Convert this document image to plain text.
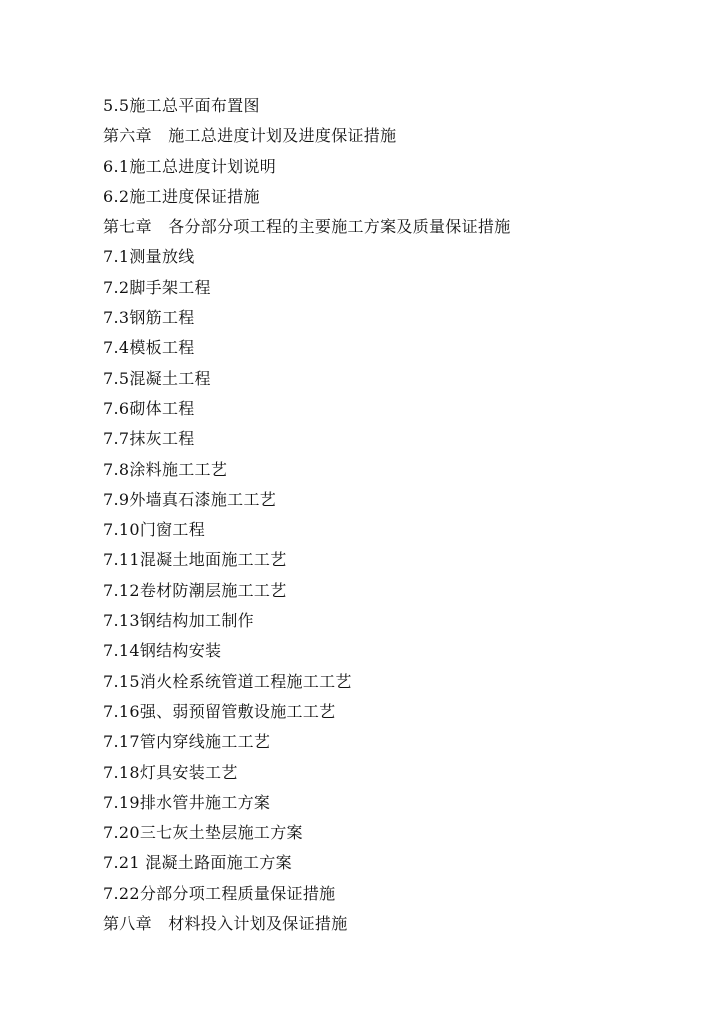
5.5施工总平面布置图
第六章　施工总进度计划及进度保证措施
6.1施工总进度计划说明
6.2施工进度保证措施
第七章　各分部分项工程的主要施工方案及质量保证措施
7.1测量放线
7.2脚手架工程
7.3钢筋工程
7.4模板工程
7.5混凝土工程
7.6砌体工程
7.7抹灰工程
7.8涂料施工工艺
7.9外墙真石漆施工工艺
7.10门窗工程
7.11混凝土地面施工工艺
7.12卷材防潮层施工工艺
7.13钢结构加工制作
7.14钢结构安装
7.15消火栓系统管道工程施工工艺
7.16强、弱预留管敷设施工工艺
7.17管内穿线施工工艺
7.18灯具安装工艺
7.19排水管井施工方案
7.20三七灰土垫层施工方案
7.21 混凝土路面施工方案
7.22分部分项工程质量保证措施
第八章　材料投入计划及保证措施
